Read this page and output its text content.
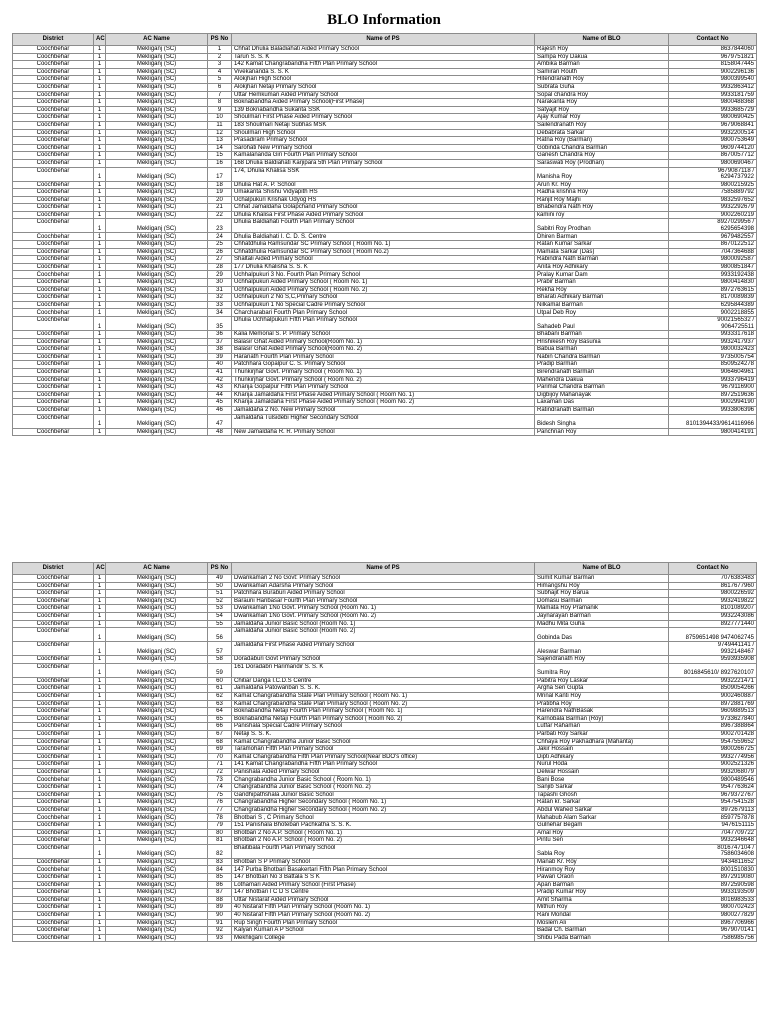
BLO Information
District	AC	AC Name	PS No	Name of PS	Name of BLO	Contact No
Coochbehar	1	Mekliganj (SC)	1	Chhat Dhulia Baladiahati Aided Primary School	Rajesh Roy	8637844060
Coochbehar	1	Mekliganj (SC)	2	Tarun S. S. K	Sampa Roy Dakua	9679751821
Coochbehar	1	Mekliganj (SC)	3	142 Kamat Changrabandha Fifth Plan Primary School	Ambika Barman	8158047445
Coochbehar	1	Mekliganj (SC)	4	Vivekananda S. S. K	Samiran Routh	9002296136
Coochbehar	1	Mekliganj (SC)	5	Alokjhari High School	Hitendranath Roy	9800399540
Coochbehar	1	Mekliganj (SC)	6	Alokjhari Netaji Primary School	Subrata Guha	9932863412
Coochbehar	1	Mekliganj (SC)	7	Uttar Hemkumari Aided Primary School	Sopal chandra Roy	9933181759
Coochbehar	1	Mekliganj (SC)	8	Boknabandha Aided Primary School(First Phase)	Narakanta Roy	9800488368
Coochbehar	1	Mekliganj (SC)	9	139 Boknabandha Sukanta SSK	Satyajit Roy	9933685729
Coochbehar	1	Mekliganj (SC)	10	Shoulmari First Phase Aided Primary School	Ajay Kumar Roy	9800690425
Coochbehar	1	Mekliganj (SC)	11	183 Shoulmari Netaji Subhas MSK	Sailendranath Roy	9679068841
Coochbehar	1	Mekliganj (SC)	12	Shoulmari High School	Debabrata Sarkar	9932200514
Coochbehar	1	Mekliganj (SC)	13	Prasadiram Primary School	Ratna Roy (Barman)	9800753649
Coochbehar	1	Mekliganj (SC)	14	Sarohati New Primary School	Gobinda Chandra Barman	9609744120
Coochbehar	1	Mekliganj (SC)	15	Kamalananda Giri Fourth Plan Primary School	Ganesh Chandra Roy	8670057712
Coochbehar	1	Mekliganj (SC)	16	168 Dhulia Baldiahati Karjipara 5th Plan Primary School	Saraswati Roy (Prodhan)	9800690467
Coochbehar	1	Mekliganj (SC)	17	174, Dhulia Khalisa SSK	Manisha Roy	9679087118 /
6294737922
Coochbehar	1	Mekliganj (SC)	18	Dhulia Hat A. P. School	Arun Kr. Roy	9800215925
Coochbehar	1	Mekliganj (SC)	19	Umakanta Shishu Vidyapith HS	Radha krishna Roy	7585889792
Coochbehar	1	Mekliganj (SC)	20	Uchalpukuri Krishak Udyog HS	Ranjit Roy Majhi	9832597652
Coochbehar	1	Mekliganj (SC)	21	Chhat Jamaldaha Golapchand Primary School	Bhabendra Nath Roy	9932292679
Coochbehar	1	Mekliganj (SC)	22	Dhulia Khalisa First Phase Aided Primary School	kamini roy	9002260219
Coochbehar	1	Mekliganj (SC)	23	Dhulia Baldiahati Fourth Plan Primary School	Sabitri Roy Prodhan	8927029956 /
6295654398
Coochbehar	1	Mekliganj (SC)	24	Dhulia Baldiahati I. C. D. S. Centre	Dhiren Barman	9679482557
Coochbehar	1	Mekliganj (SC)	25	Chhatdhulia Ramsundar SC Primary School ( Room No. 1)	Ratan Kumar Sarkar	8670122512
Coochbehar	1	Mekliganj (SC)	26	Chhatdhulia Ramsundar SC Primary School ( Room No.2)	Mamata Sarkar (Das)	7047364688
Coochbehar	1	Mekliganj (SC)	27	Shaltali Aided Primary School	Rabindra Nath Barman	9800092587
Coochbehar	1	Mekliganj (SC)	28	177 Dhulia Khalisha S. S. K	Anita Roy Adhikary	9800851847
Coochbehar	1	Mekliganj (SC)	29	Uchhalpukuri 3 No. Fourth Plan Primary School	Pralay Kumar Dam	9933192438
Coochbehar	1	Mekliganj (SC)	30	Uchhalpukuri Aided Primary School ( Room No. 1)	Prabir Barman	9800414830
Coochbehar	1	Mekliganj (SC)	31	Uchhalpukuri Aided Primary School ( Room No. 2)	Rekha Roy	8972763615
Coochbehar	1	Mekliganj (SC)	32	Uchhalpukuri 2 No S,C,Primary School	Bharati Adhikary Barman	8170089839
Coochbehar	1	Mekliganj (SC)	33	Uchhalpukuri 1 No Special Cadre Primary School	Nilkamal Barman	6295844389
Coochbehar	1	Mekliganj (SC)	34	Charcharabari Fourth Plan Primary School	Utpal Deb Roy	9002218855
Coochbehar	1	Mekliganj (SC)	35	Dhulia Uchhalpukuri Fifth Plan Primary School	Sahadeb Paul	9002156532 /
9064725511
Coochbehar	1	Mekliganj (SC)	36	Kalia Memorial S. P. Primary School	Bhabani Barman	9933317618
Coochbehar	1	Mekliganj (SC)	37	Balasir Ghat Aided Primary School(Room No. 1)	Hrishikesh Roy Basunia	9932417937
Coochbehar	1	Mekliganj (SC)	38	Balasir Ghat Aided Primary School(Room No. 2)	Babua Barman	9800032423
Coochbehar	1	Mekliganj (SC)	39	Haranath Fourth Plan Primary School	Nabin Chandra Barman	9735005754
Coochbehar	1	Mekliganj (SC)	40	Patchhara Gopalpur C. S. Primary School	Pradip Barman	8509524278
Coochbehar	1	Mekliganj (SC)	41	Thunkirjhar Govt. Primary School ( Room No. 1)	Birendranath Barman	9064604961
Coochbehar	1	Mekliganj (SC)	42	Thunkirjhar Govt. Primary School ( Room No. 2)	Mahendra Dakua	9933796419
Coochbehar	1	Mekliganj (SC)	43	Kharija Gopalpur Fifth Plan Primary School	Parimal Chandra Barman	9679116900
Coochbehar	1	Mekliganj (SC)	44	Kharija Jamaldaha First Phase Aided Primary School ( Room No. 1)	Digbijoy Mahanayak	8972519636
Coochbehar	1	Mekliganj (SC)	45	Kharija Jamaldaha First Phase Aided Primary School ( Room No. 2)	Laxaman Das	9002994190
Coochbehar	1	Mekliganj (SC)	46	Jamaldaha 2 No. New Primary School	Ratindranath Barman	9933806396
Coochbehar	1	Mekliganj (SC)	47	Jamaldaha Tulsidebi Higher Secondary School	Bidesh Singha	8101394433/9614116966
Coochbehar	1	Mekliganj (SC)	48	New Jamaldaha R. R. Primary School	Panchnan Roy	9800414191
District	AC	AC Name	PS No	Name of PS	Name of BLO	Contact No
Coochbehar	1	Mekliganj (SC)	49	Dwarikamari 2 No Govt: Primary School	Sumit Kumar Barman	7076383483
Coochbehar	1	Mekliganj (SC)	50	Dwarikamari Adarsha Primary School	Himangshu Roy	8617677960
Coochbehar	1	Mekliganj (SC)	51	Patchhara Buraburi Aided Primary School	Subhajit Roy Barua	9800226592
Coochbehar	1	Mekliganj (SC)	52	Barauni Haribasar Fourth Plan Primary School	Domasu Barman	9932419822
Coochbehar	1	Mekliganj (SC)	53	Dwarikamari 1No Govt. Primary School (Room No. 1)	Mamata Roy Pramanik	8101089207
Coochbehar	1	Mekliganj (SC)	54	Dwarikamari 1No Govt. Primary School (Room No. 2)	Jaynarayan Barman	9932243086
Coochbehar	1	Mekliganj (SC)	55	Jamaldaha Junior Basic School (Room No. 1)	Madhu Mita Guha	8927771440
Coochbehar	1	Mekliganj (SC)	56	Jamaldaha Junior Basic School (Room No. 2)	Gobinda Das	8759651498 9474062745
Coochbehar	1	Mekliganj (SC)	57	Jamaldaha First Phase Aided Primary School	Aleswar Barman	9749441141 /
9932148467
Coochbehar	1	Mekliganj (SC)	58	Doradaburi Govt Primary School	Sajendranath Roy	9593935908
Coochbehar	1	Mekliganj (SC)	59	161 Doradabri Harimandir S. S. K	Sumitra Roy	8016845610/ 8927620107
Coochbehar	1	Mekliganj (SC)	60	Chitiar Danga I.C.D.S Centre	Pabitra Roy Laskar	9932221471
Coochbehar	1	Mekliganj (SC)	61	Jamaldaha Patowaribari S. S. K.	Argha Sen Gupta	8509054266
Coochbehar	1	Mekliganj (SC)	62	Kamat Changrabandha State Plan Primary School ( Room No. 1)	Mrinal Kanti Roy	9002460887
Coochbehar	1	Mekliganj (SC)	63	Kamat Changrabandha State Plan Primary School ( Room No. 2)	Pratibha Roy	8972881769
Coochbehar	1	Mekliganj (SC)	64	Boknabandha Netaji Fourth Plan Primary School ( Room No. 1)	Harendra NathBasak	9609889513
Coochbehar	1	Mekliganj (SC)	65	Boknabandha Netaji Fourth Plan Primary School ( Room No. 2)	Karnobala Barman (Roy)	9733627840
Coochbehar	1	Mekliganj (SC)	66	Panishala Special Cadre Primary School	Lutfar Rahaman	8967388864
Coochbehar	1	Mekliganj (SC)	67	Netaji S. S. K.	Parbati Roy Sarkar	9002701428
Coochbehar	1	Mekliganj (SC)	68	Kamat Changrabandha Junior Basic School	Chhaya Roy Pakhadhara (Mahanta)	9547559652
Coochbehar	1	Mekliganj (SC)	69	Taramohan Fifth Plan Primary School	Jakir Hossain	9800266725
Coochbehar	1	Mekliganj (SC)	70	Kamat Changrabandha Fifth Plan Primary School(Near BDO's office)	Dipti Adhikary	9932774956
Coochbehar	1	Mekliganj (SC)	71	141 Kamat Changrabandha Fifth Plan Primary School	Nurul Hoda	9002521326
Coochbehar	1	Mekliganj (SC)	72	Panishala Aided Primary School	Delwar Hossain	9932068079
Coochbehar	1	Mekliganj (SC)	73	Changrabandha Junior Basic School ( Room No. 1)	Bani Bose	9800489546
Coochbehar	1	Mekliganj (SC)	74	Changrabandha Junior Basic School ( Room No. 2)	Sanjib Sarkar	9547763624
Coochbehar	1	Mekliganj (SC)	75	Gandhipathshala Junior Basic School	Tapashi Ghosh	9679372767
Coochbehar	1	Mekliganj (SC)	76	Changrabandha Higher Secondary School ( Room No. 1)	Ratan kr. Sarkar	9547541528
Coochbehar	1	Mekliganj (SC)	77	Changrabandha Higher Secondary School ( Room No. 2)	Abdul Wahed Sarkar	8972679113
Coochbehar	1	Mekliganj (SC)	78	Bhotbari S , C Primary School	Mahabub Alam Sarkar	8597757878
Coochbehar	1	Mekliganj (SC)	79	151 Panishala Bhotebari Pachkatha S. S. K.	Gulnehar Begam	9476151115
Coochbehar	1	Mekliganj (SC)	80	Bhotbari 2 No A.P. School ( Room No. 1)	Amal Roy	7047709722
Coochbehar	1	Mekliganj (SC)	81	Bhotbari 2 No A.P. School ( Room No. 2)	Pintu Sen	9932346648
Coochbehar	1	Mekliganj (SC)	82	Bhaitibala Fourth Plan Primary School	Sabla Roy	8016747104 /
7586034608
Coochbehar	1	Mekliganj (SC)	83	Bhotbari S P Primary School	Manab Kr. Roy	9434811652
Coochbehar	1	Mekliganj (SC)	84	147 Purba Bhotbari Basakertari Fifth Plan Primary School	Hiranmoy Roy	8001510830
Coochbehar	1	Mekliganj (SC)	85	147 Bhotbari No 3 Battala S S K	Pawan Oraon	8972919080
Coochbehar	1	Mekliganj (SC)	86	Lothamari Aided Primary School (First Phase)	Apan Barman	8972590598
Coochbehar	1	Mekliganj (SC)	87	147 Bhotbari I C D S Centre	Pradip Kumar Roy	9933193509
Coochbehar	1	Mekliganj (SC)	88	Uttar Nistaraf Aided Primary School	Amit Sharma	8016983533
Coochbehar	1	Mekliganj (SC)	89	40 Nistaraf Fifth Plan Primary School (Room No. 1)	Mithun Roy	9800702423
Coochbehar	1	Mekliganj (SC)	90	40 Nistaraf Fifth Plan Primary School (Room No. 2)	Rani Mondal	9800277829
Coochbehar	1	Mekliganj (SC)	91	Rup Singh Fourth Plan Primary School	Moslem Ali	8967706966
Coochbehar	1	Mekliganj (SC)	92	Kalyan Kumari A P School	Badal Ch. Barman	9679070141
Coochbehar	1	Mekliganj (SC)	93	Mekhligani College	Shibu Pada Barman	7586985756
